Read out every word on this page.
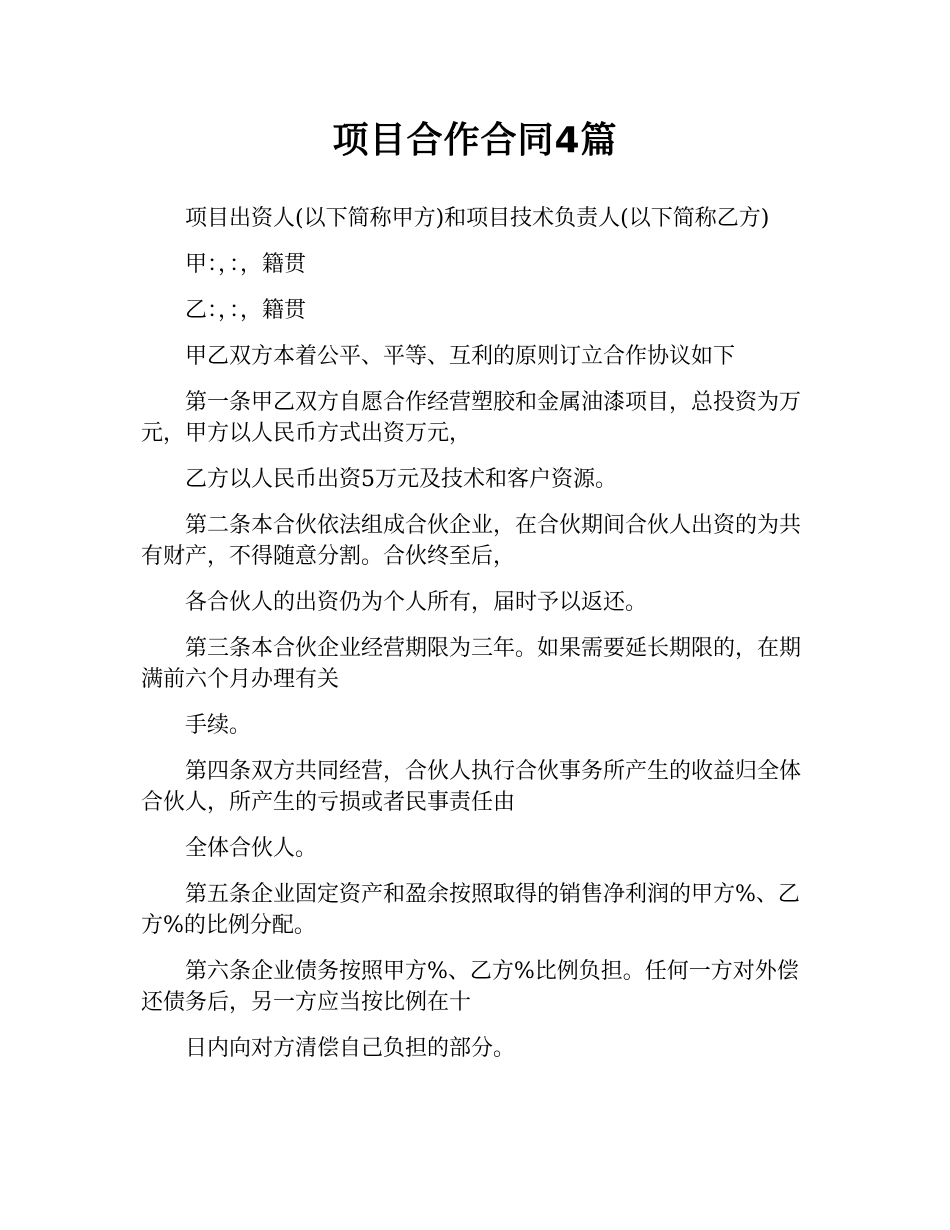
项目合作合同4篇

项目出资人(以下简称甲方)和项目技术负责人(以下简称乙方)

甲：，：，籍贯

乙：，：，籍贯

甲乙双方本着公平、平等、互利的原则订立合作协议如下

第一条甲乙双方自愿合作经营塑胶和金属油漆项目，总投资为万元，甲方以人民币方式出资万元，

乙方以人民币出资5万元及技术和客户资源。

第二条本合伙依法组成合伙企业，在合伙期间合伙人出资的为共有财产，不得随意分割。合伙终至后，

各合伙人的出资仍为个人所有，届时予以返还。

第三条本合伙企业经营期限为三年。如果需要延长期限的，在期满前六个月办理有关

手续。

第四条双方共同经营，合伙人执行合伙事务所产生的收益归全体合伙人，所产生的亏损或者民事责任由

全体合伙人。

第五条企业固定资产和盈余按照取得的销售净利润的甲方%、乙方%的比例分配。

第六条企业债务按照甲方%、乙方%比例负担。任何一方对外偿还债务后，另一方应当按比例在十

日内向对方清偿自己负担的部分。
